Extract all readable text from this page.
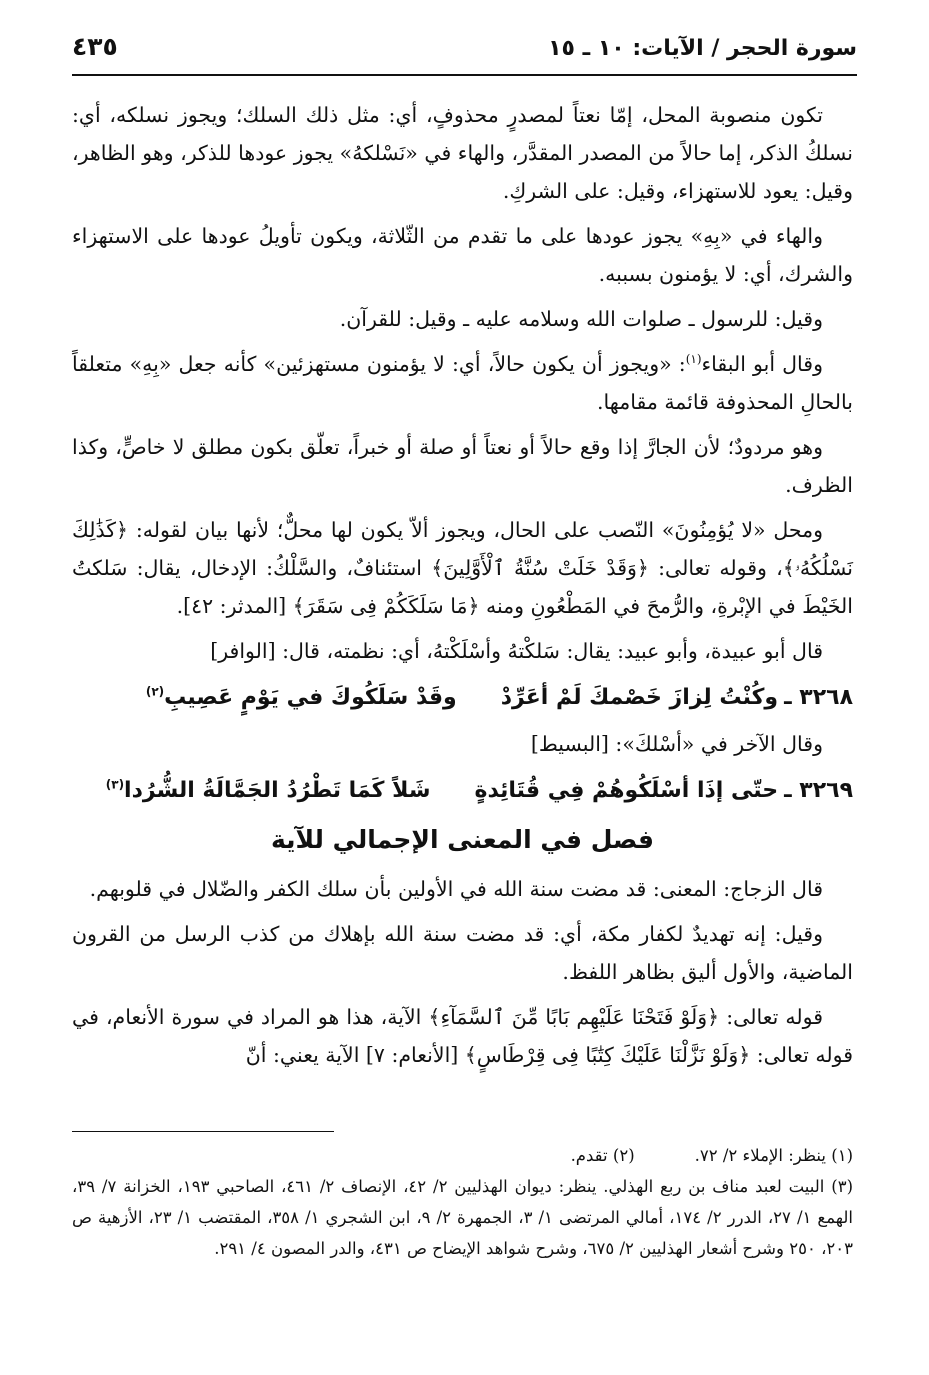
سورة الحجر / الآيات: ١٠ ـ ١٥
٤٣٥

تكون منصوبة المحل، إمّا نعتاً لمصدرٍ محذوفٍ، أي: مثل ذلك السلك؛ ويجوز نسلكه، أي: نسلكُ الذكر، إما حالاً من المصدر المقدَّر، والهاء في «نَسْلكهُ» يجوز عودها للذكر، وهو الظاهر، وقيل: يعود للاستهزاء، وقيل: على الشركِ.

والهاء في «بِهِ» يجوز عودها على ما تقدم من الثّلاثة، ويكون تأويلُ عودها على الاستهزاء والشرك، أي: لا يؤمنون بسببه.

وقيل: للرسول ـ صلوات الله وسلامه عليه ـ وقيل: للقرآن.

وقال أبو البقاء$^{(١)}$: «ويجوز أن يكون حالاً، أي: لا يؤمنون مستهزئين» كأنه جعل «بِهِ» متعلقاً بالحالِ المحذوفة قائمة مقامها.

وهو مردودٌ؛ لأن الجارَّ إذا وقع حالاً أو نعتاً أو صلة أو خبراً، تعلّق بكون مطلق لا خاصٍّ، وكذا الظرف.

ومحل «لا يُؤمِنُونَ» النّصب على الحال، ويجوز ألاّ يكون لها محلٌّ؛ لأنها بيان لقوله: ﴿كَذَٰلِكَ نَسْلُكُهُۥ﴾، وقوله تعالى: ﴿وَقَدْ خَلَتْ سُنَّةُ ٱلْأَوَّلِينَ﴾ استئنافٌ، والسَّلْكُ: الإدخال، يقال: سَلكتُ الخَيْطَ في الإبْرةِ، والرُّمحَ في المَطْعُونِ ومنه ﴿مَا سَلَكَكُمْ فِى سَقَرَ﴾ [المدثر: ٤٢].

قال أبو عبيدة، وأبو عبيد: يقال: سَلكْتهُ وأسْلَكْتهُ، أي: نظمته، قال: [الوافر]

٣٢٦٨ ـوكُنْتُ لِزازَ خَصْمكَ لَمْ أعَرِّدْوقَدْ سَلَكُوكَ في يَوْمٍ عَصِيبِ$^{(٢)}$

وقال الآخر في «أسْلكَ»: [البسيط]

٣٢٦٩ ـحتّى إذَا أسْلَكُوهُمْ فِي قُتَائِدةٍشَلاً كَمَا تَطْرُدُ الجَمَّالَةُ الشُّرُدا$^{(٣)}$

فصل في المعنى الإجمالي للآية

قال الزجاج: المعنى: قد مضت سنة الله في الأولين بأن سلك الكفر والضّلال في قلوبهم.

وقيل: إنه تهديدٌ لكفار مكة، أي: قد مضت سنة الله بإهلاك من كذب الرسل من القرون الماضية، والأول أليق بظاهر اللفظ.

قوله تعالى: ﴿وَلَوْ فَتَحْنَا عَلَيْهِم بَابًا مِّنَ ٱلسَّمَآءِ﴾ الآية، هذا هو المراد في سورة الأنعام، في قوله تعالى: ﴿وَلَوْ نَزَّلْنَا عَلَيْكَ كِتَٰبًا فِى قِرْطَاسٍ﴾ [الأنعام: ٧] الآية يعني: أنّ

(١) ينظر: الإملاء ٢/ ٧٢.
(٢) تقدم.

(٣) البيت لعبد مناف بن ربع الهذلي. ينظر: ديوان الهذليين ٢/ ٤٢، الإنصاف ٢/ ٤٦١، الصاحبي ١٩٣، الخزانة ٧/ ٣٩، الهمع ١/ ٢٧، الدرر ٢/ ١٧٤، أمالي المرتضى ١/ ٣، الجمهرة ٢/ ٩، ابن الشجري ١/ ٣٥٨، المقتضب ١/ ٢٣، الأزهية ص ٢٠٣، ٢٥٠ وشرح أشعار الهذليين ٢/ ٦٧٥، وشرح شواهد الإيضاح ص ٤٣١، والدر المصون ٤/ ٢٩١.
